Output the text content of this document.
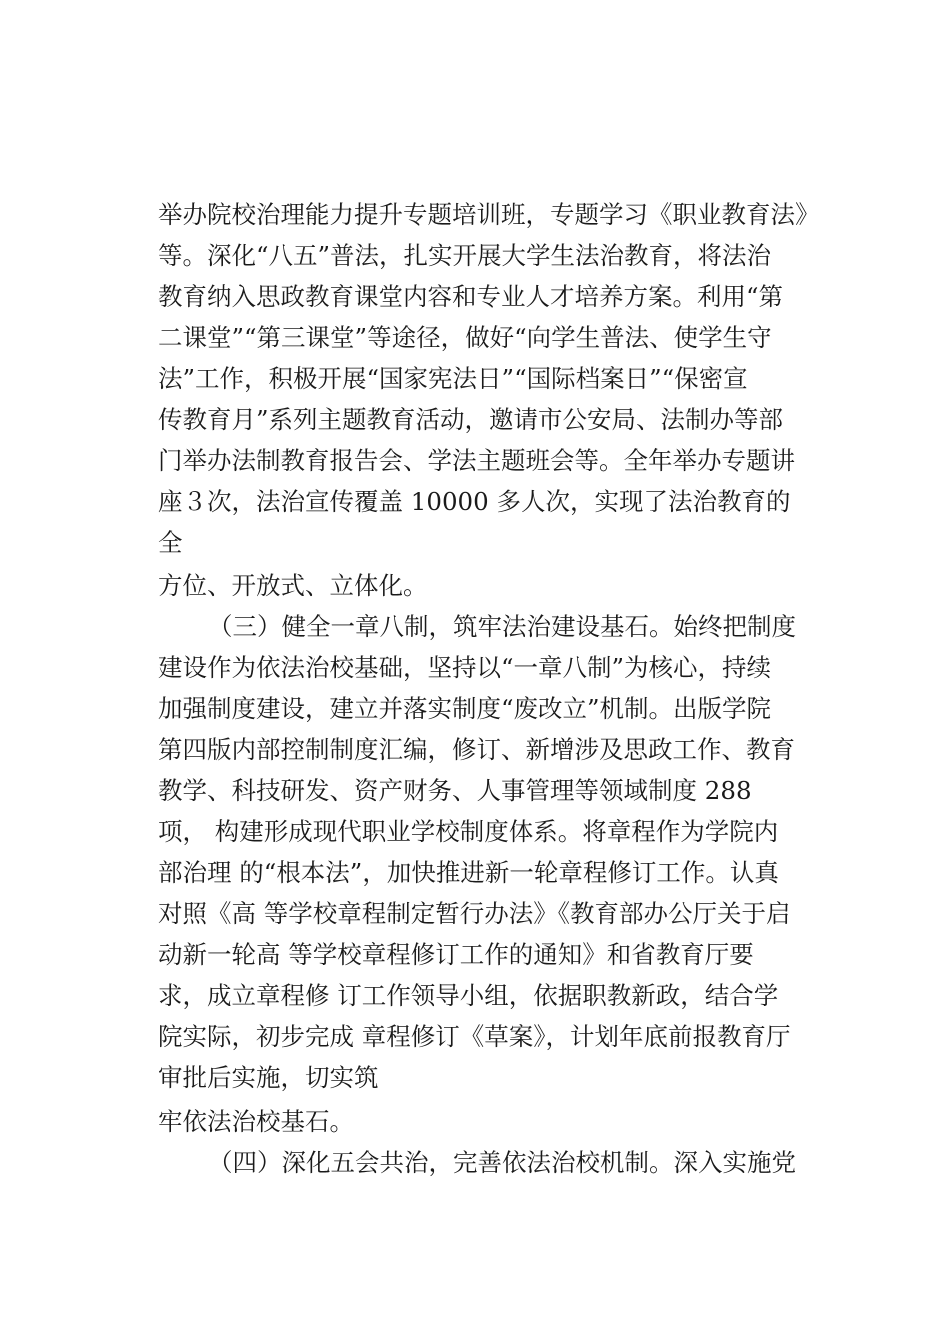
举办院校治理能力提升专题培训班，专题学习《职业教育法》

等。深化“八五”普法，扎实开展大学生法治教育，将法治

教育纳入思政教育课堂内容和专业人才培养方案。利用“第

二课堂”“第三课堂”等途径，做好“向学生普法、使学生守

法”工作，积极开展“国家宪法日”“国际档案日”“保密宣

传教育月”系列主题教育活动，邀请市公安局、法制办等部

门举办法制教育报告会、学法主题班会等。全年举办专题讲

座３次，法治宣传覆盖 10000 多人次，实现了法治教育的

全

方位、开放式、立体化。

（三）健全一章八制，筑牢法治建设基石。始终把制度

建设作为依法治校基础，坚持以“一章八制”为核心，持续

加强制度建设，建立并落实制度“废改立”机制。出版学院

第四版内部控制制度汇编，修订、新增涉及思政工作、教育

教学、科技研发、资产财务、人事管理等领域制度 288

项， 构建形成现代职业学校制度体系。将章程作为学院内

部治理 的“根本法”，加快推进新一轮章程修订工作。认真

对照《高 等学校章程制定暂行办法》《教育部办公厅关于启

动新一轮高 等学校章程修订工作的通知》和省教育厅要

求，成立章程修 订工作领导小组，依据职教新政，结合学

院实际，初步完成 章程修订《草案》，计划年底前报教育厅

审批后实施，切实筑

牢依法治校基石。

（四）深化五会共治，完善依法治校机制。深入实施党
